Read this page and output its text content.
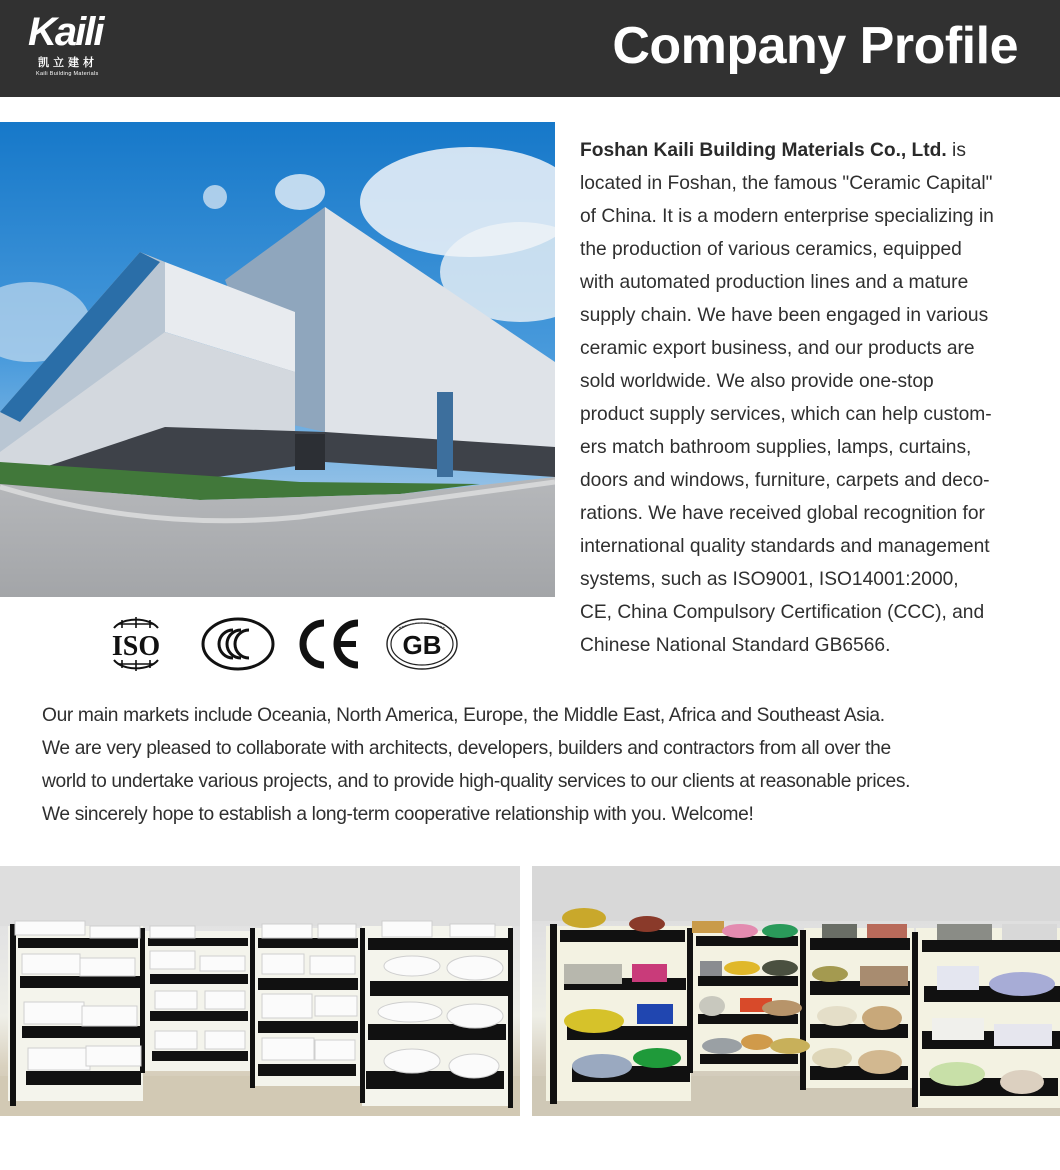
Kaili
凯立建材
Kaili Building Materials	Company Profile
ISO	GB
Foshan Kaili Building Materials Co., Ltd. is
located in Foshan, the famous "Ceramic Capital"
of China. It is a modern enterprise specializing in
the production of various ceramics, equipped
with automated production lines and a mature
supply chain. We have been engaged in various
ceramic export business, and our products are
sold worldwide. We also provide one-stop
product supply services, which can help custom-
ers match bathroom supplies, lamps, curtains,
doors and windows, furniture, carpets and deco-
rations. We have received global recognition for
international quality standards and management
systems, such as ISO9001, ISO14001:2000,
CE, China Compulsory Certification (CCC), and
Chinese National Standard GB6566.

Our main markets include Oceania, North America, Europe, the Middle East, Africa and Southeast Asia.

We are very pleased to collaborate with architects, developers, builders and contractors from all over the

world to undertake various projects, and to provide high-quality services to our clients at reasonable prices.

We sincerely hope to establish a long-term cooperative relationship with you. Welcome!
